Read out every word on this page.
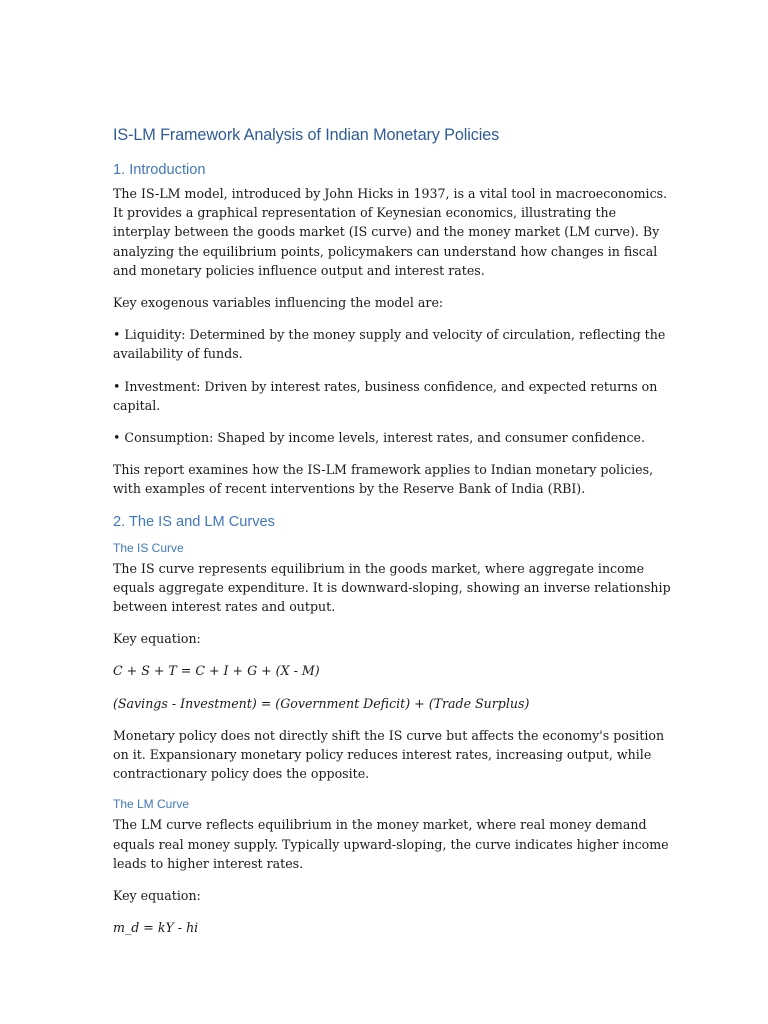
IS-LM Framework Analysis of Indian Monetary Policies
1. Introduction

The IS-LM model, introduced by John Hicks in 1937, is a vital tool in macroeconomics. It provides a graphical representation of Keynesian economics, illustrating the interplay between the goods market (IS curve) and the money market (LM curve). By analyzing the equilibrium points, policymakers can understand how changes in fiscal and monetary policies influence output and interest rates.

Key exogenous variables influencing the model are:

• Liquidity: Determined by the money supply and velocity of circulation, reflecting the availability of funds.

• Investment: Driven by interest rates, business confidence, and expected returns on capital.

• Consumption: Shaped by income levels, interest rates, and consumer confidence.

This report examines how the IS-LM framework applies to Indian monetary policies, with examples of recent interventions by the Reserve Bank of India (RBI).

2. The IS and LM Curves
The IS Curve

The IS curve represents equilibrium in the goods market, where aggregate income equals aggregate expenditure. It is downward-sloping, showing an inverse relationship between interest rates and output.

Key equation:

C + S + T = C + I + G + (X - M)

(Savings - Investment) = (Government Deficit) + (Trade Surplus)

Monetary policy does not directly shift the IS curve but affects the economy's position on it. Expansionary monetary policy reduces interest rates, increasing output, while contractionary policy does the opposite.

The LM Curve

The LM curve reflects equilibrium in the money market, where real money demand equals real money supply. Typically upward-sloping, the curve indicates higher income leads to higher interest rates.

Key equation:

m_d = kY - hi
